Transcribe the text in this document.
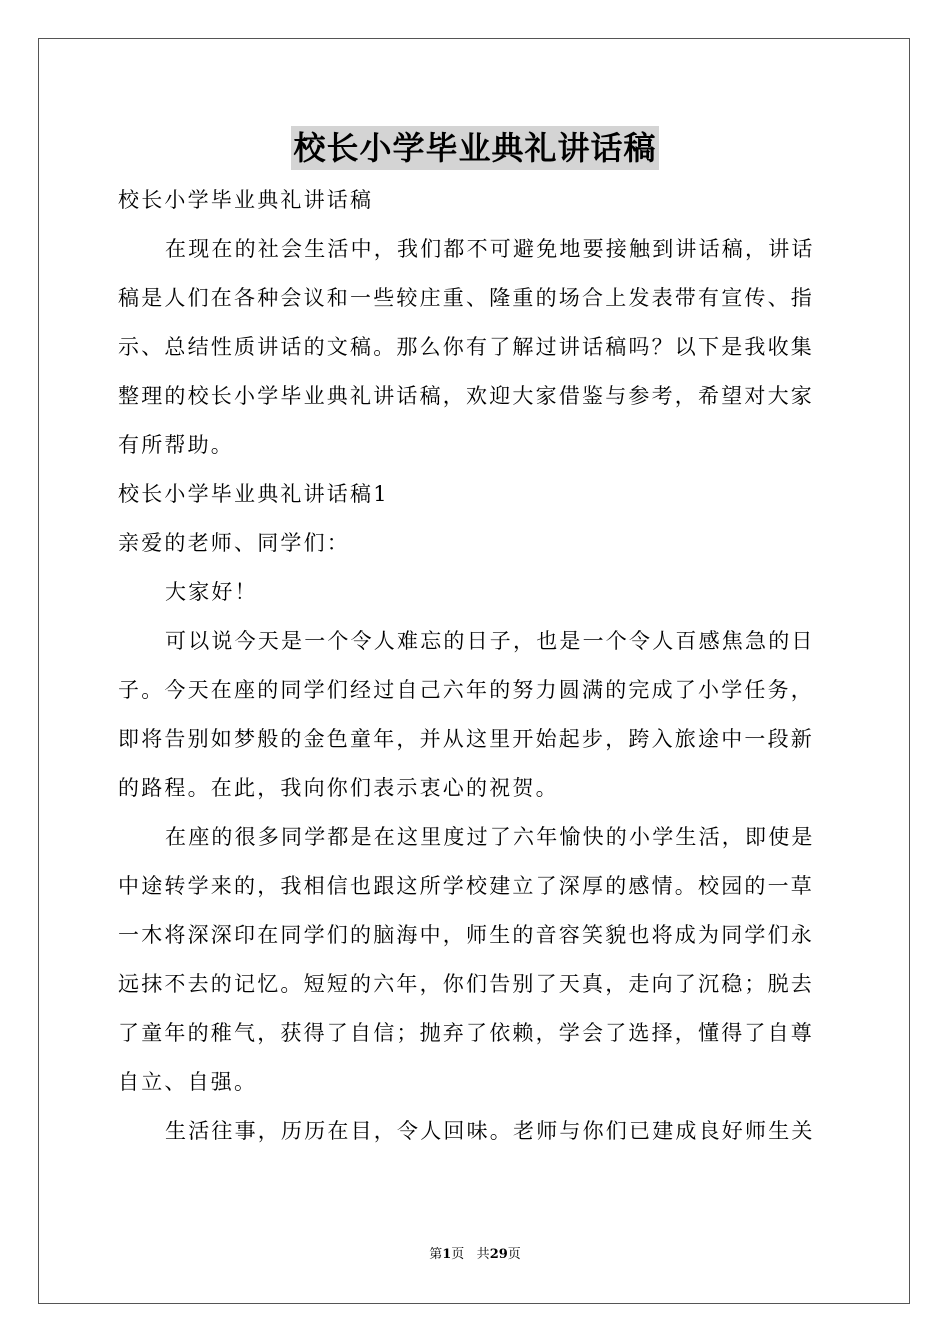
校长小学毕业典礼讲话稿

校长小学毕业典礼讲话稿

在现在的社会生活中，我们都不可避免地要接触到讲话稿，讲话稿是人们在各种会议和一些较庄重、隆重的场合上发表带有宣传、指示、总结性质讲话的文稿。那么你有了解过讲话稿吗？以下是我收集整理的校长小学毕业典礼讲话稿，欢迎大家借鉴与参考，希望对大家有所帮助。

校长小学毕业典礼讲话稿1

亲爱的老师、同学们：

大家好！

可以说今天是一个令人难忘的日子，也是一个令人百感焦急的日子。今天在座的同学们经过自己六年的努力圆满的完成了小学任务，即将告别如梦般的金色童年，并从这里开始起步，跨入旅途中一段新的路程。在此，我向你们表示衷心的祝贺。

在座的很多同学都是在这里度过了六年愉快的小学生活，即使是中途转学来的，我相信也跟这所学校建立了深厚的感情。校园的一草一木将深深印在同学们的脑海中，师生的音容笑貌也将成为同学们永远抹不去的记忆。短短的六年，你们告别了天真，走向了沉稳；脱去了童年的稚气，获得了自信；抛弃了依赖，学会了选择，懂得了自尊自立、自强。

生活往事，历历在目，令人回味。老师与你们已建成良好师生关

第1页 共29页
